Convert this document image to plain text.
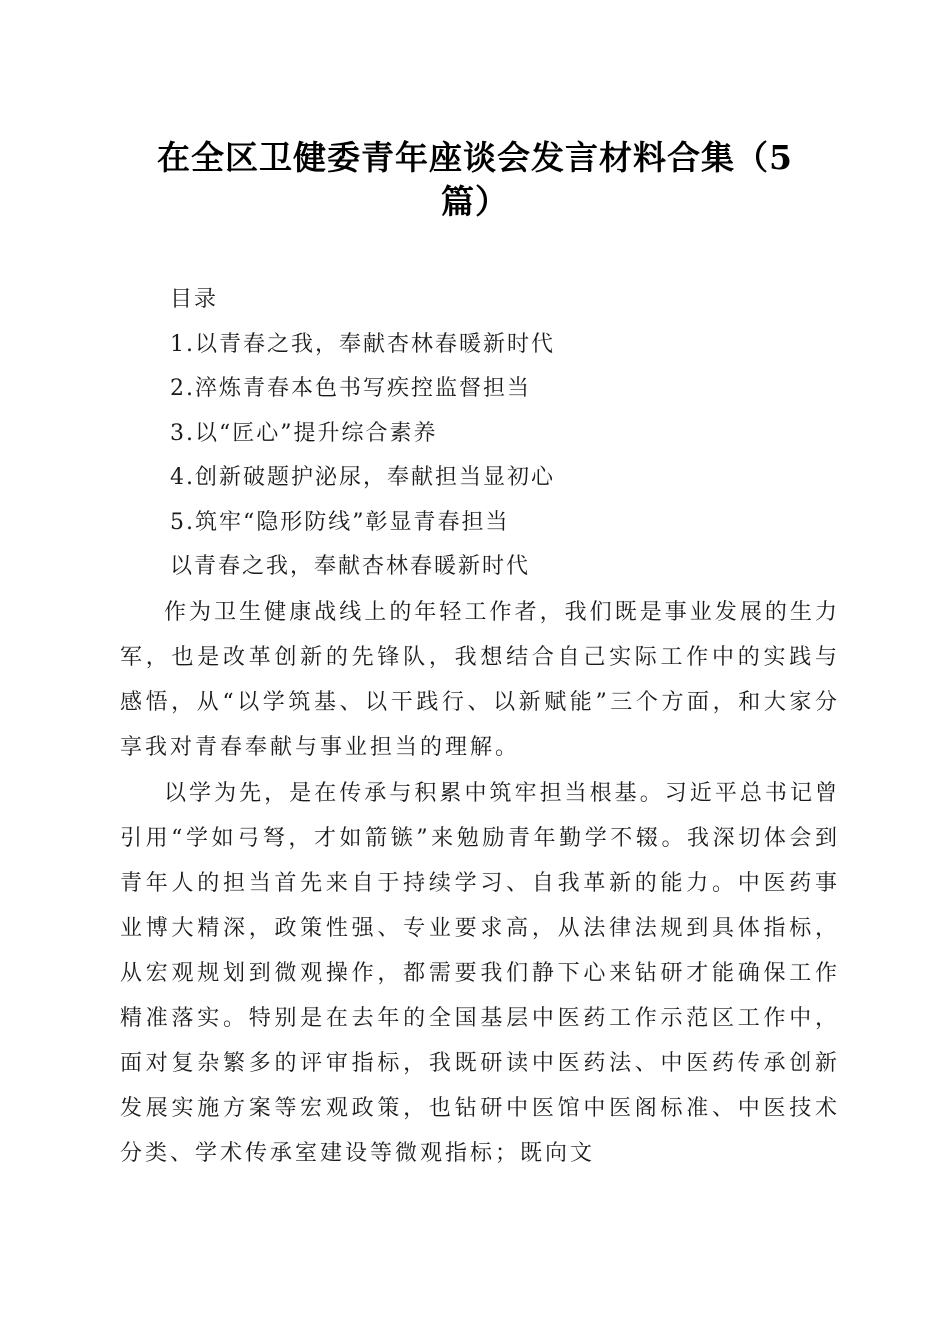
在全区卫健委青年座谈会发言材料合集（5
篇）
目录
1.以青春之我，奉献杏林春暖新时代
2.淬炼青春本色书写疾控监督担当
3.以“匠心”提升综合素养
4.创新破题护泌尿，奉献担当显初心
5.筑牢“隐形防线”彰显青春担当
以青春之我，奉献杏林春暖新时代

作为卫生健康战线上的年轻工作者，我们既是事业发展的生力军，也是改革创新的先锋队，我想结合自己实际工作中的实践与感悟，从“以学筑基、以干践行、以新赋能”三个方面，和大家分享我对青春奉献与事业担当的理解。

以学为先，是在传承与积累中筑牢担当根基。习近平总书记曾引用“学如弓弩，才如箭镞”来勉励青年勤学不辍。我深切体会到青年人的担当首先来自于持续学习、自我革新的能力。中医药事业博大精深，政策性强、专业要求高，从法律法规到具体指标，从宏观规划到微观操作，都需要我们静下心来钻研才能确保工作精准落实。特别是在去年的全国基层中医药工作示范区工作中，面对复杂繁多的评审指标，我既研读中医药法、中医药传承创新发展实施方案等宏观政策，也钻研中医馆中医阁标准、中医技术分类、学术传承室建设等微观指标；既向文
